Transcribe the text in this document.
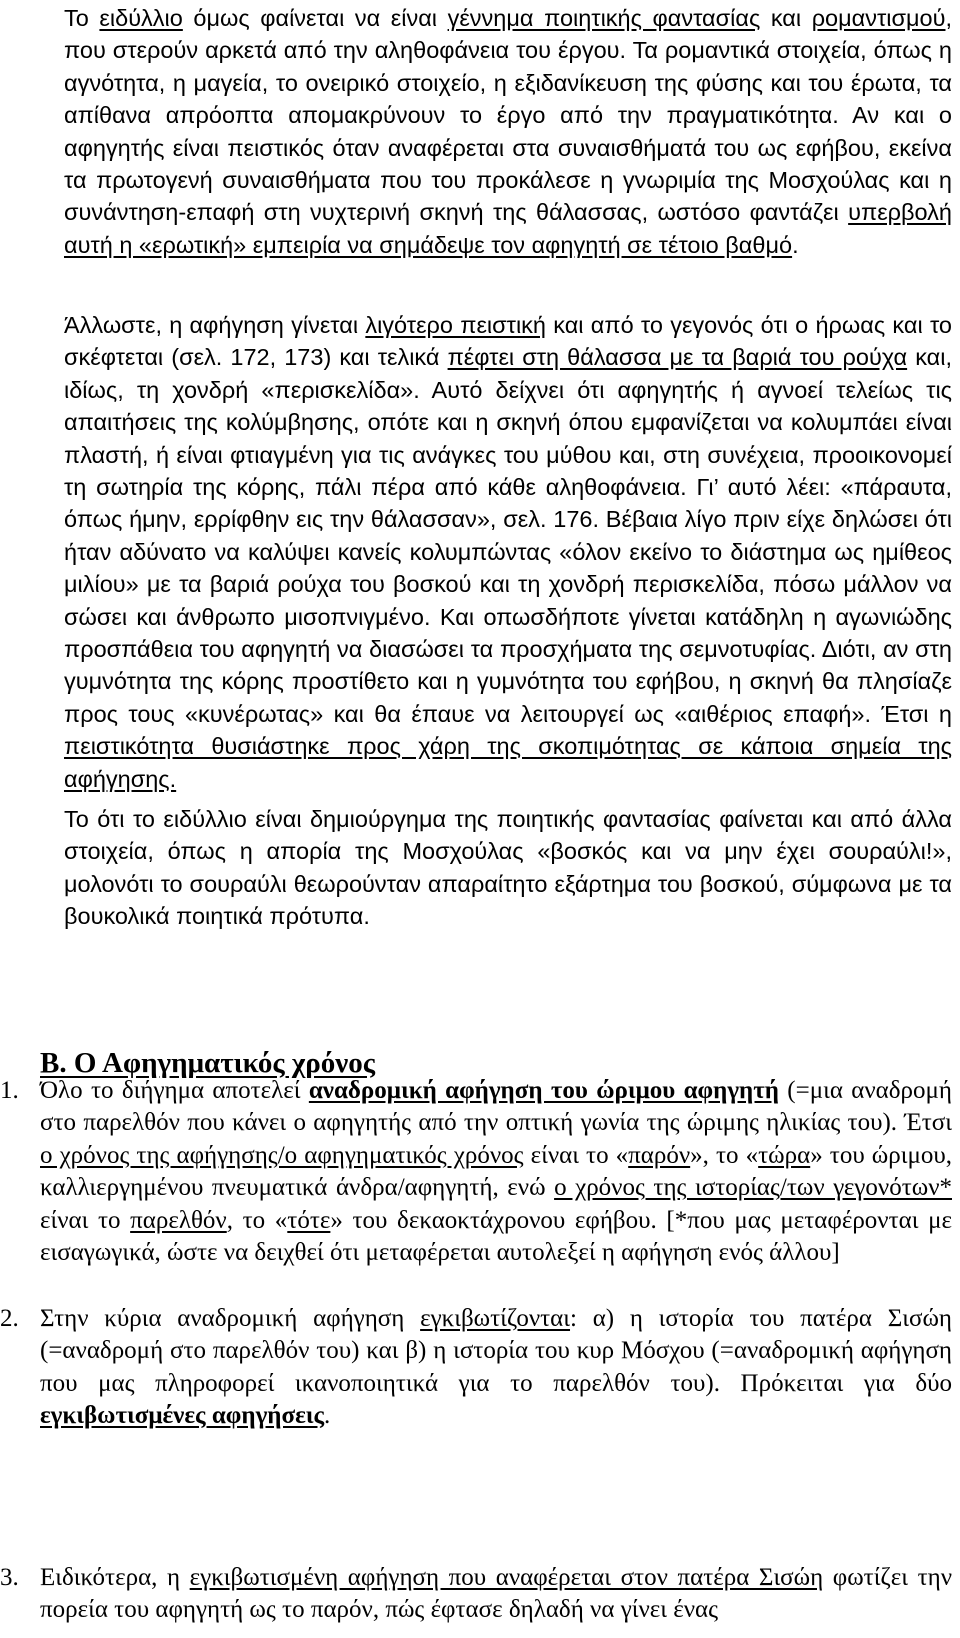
Το ειδύλλιο όμως φαίνεται να είναι γέννημα ποιητικής φαντασίας και ρομαντισμού, που στερούν αρκετά από την αληθοφάνεια του έργου. Τα ρομαντικά στοιχεία, όπως η αγνότητα, η μαγεία, το ονειρικό στοιχείο, η εξιδανίκευση της φύσης και του έρωτα, τα απίθανα απρόοπτα απομακρύνουν το έργο από την πραγματικότητα. Αν και ο αφηγητής είναι πειστικός όταν αναφέρεται στα συναισθήματά του ως εφήβου, εκείνα τα πρωτογενή συναισθήματα που του προκάλεσε η γνωριμία της Μοσχούλας και η συνάντηση-επαφή στη νυχτερινή σκηνή της θάλασσας, ωστόσο φαντάζει υπερβολή αυτή η «ερωτική» εμπειρία να σημάδεψε τον αφηγητή σε τέτοιο βαθμό.

Άλλωστε, η αφήγηση γίνεται λιγότερο πειστική και από το γεγονός ότι ο ήρωας και το σκέφτεται (σελ. 172, 173) και τελικά πέφτει στη θάλασσα με τα βαριά του ρούχα και, ιδίως, τη χονδρή «περισκελίδα». Αυτό δείχνει ότι αφηγητής ή αγνοεί τελείως τις απαιτήσεις της κολύμβησης, οπότε και η σκηνή όπου εμφανίζεται να κολυμπάει είναι πλαστή, ή είναι φτιαγμένη για τις ανάγκες του μύθου και, στη συνέχεια, προοικονομεί τη σωτηρία της κόρης, πάλι πέρα από κάθε αληθοφάνεια. Γι’ αυτό λέει: «πάραυτα, όπως ήμην, ερρίφθην εις την θάλασσαν», σελ. 176. Βέβαια λίγο πριν είχε δηλώσει ότι ήταν αδύνατο να καλύψει κανείς κολυμπώντας «όλον εκείνο το διάστημα ως ημίθεος μιλίου» με τα βαριά ρούχα του βοσκού και τη χονδρή περισκελίδα, πόσω μάλλον να σώσει και άνθρωπο μισοπνιγμένο. Και οπωσδήποτε γίνεται κατάδηλη η αγωνιώδης προσπάθεια του αφηγητή να διασώσει τα προσχήματα της σεμνοτυφίας. Διότι, αν στη γυμνότητα της κόρης προστίθετο και η γυμνότητα του εφήβου, η σκηνή θα πλησίαζε προς τους «κυνέρωτας» και θα έπαυε να λειτουργεί ως «αιθέριος επαφή». Έτσι η πειστικότητα θυσιάστηκε προς χάρη της σκοπιμότητας σε κάποια σημεία της αφήγησης.

Το ότι το ειδύλλιο είναι δημιούργημα της ποιητικής φαντασίας φαίνεται και από άλλα στοιχεία, όπως η απορία της Μοσχούλας «βοσκός και να μην έχει σουραύλι!», μολονότι το σουραύλι θεωρούνταν απαραίτητο εξάρτημα του βοσκού, σύμφωνα με τα βουκολικά ποιητικά πρότυπα.

Β. Ο Αφηγηματικός χρόνος
1. Όλο το διήγημα αποτελεί αναδρομική αφήγηση του ώριμου αφηγητή (=μια αναδρομή στο παρελθόν που κάνει ο αφηγητής από την οπτική γωνία της ώριμης ηλικίας του). Έτσι ο χρόνος της αφήγησης/ο αφηγηματικός χρόνος είναι το «παρόν», το «τώρα» του ώριμου, καλλιεργημένου πνευματικά άνδρα/αφηγητή, ενώ ο χρόνος της ιστορίας/των γεγονότων* είναι το παρελθόν, το «τότε» του δεκαοκτάχρονου εφήβου. [*πoυ μας μεταφέρονται με εισαγωγικά, ώστε να δειχθεί ότι μεταφέρεται αυτολεξεί η αφήγηση ενός άλλου]

2. Στην κύρια αναδρομική αφήγηση εγκιβωτίζονται: α) η ιστορία του πατέρα Σισώη (=αναδρομή στο παρελθόν του) και β) η ιστορία του κυρ Μόσχου (=αναδρομική αφήγηση που μας πληροφορεί ικανοποιητικά για το παρελθόν του). Πρόκειται για δύο εγκιβωτισμένες αφηγήσεις.

3. Ειδικότερα, η εγκιβωτισμένη αφήγηση που αναφέρεται στον πατέρα Σισώη φωτίζει την πορεία του αφηγητή ως το παρόν, πώς έφτασε δηλαδή να γίνει ένας
